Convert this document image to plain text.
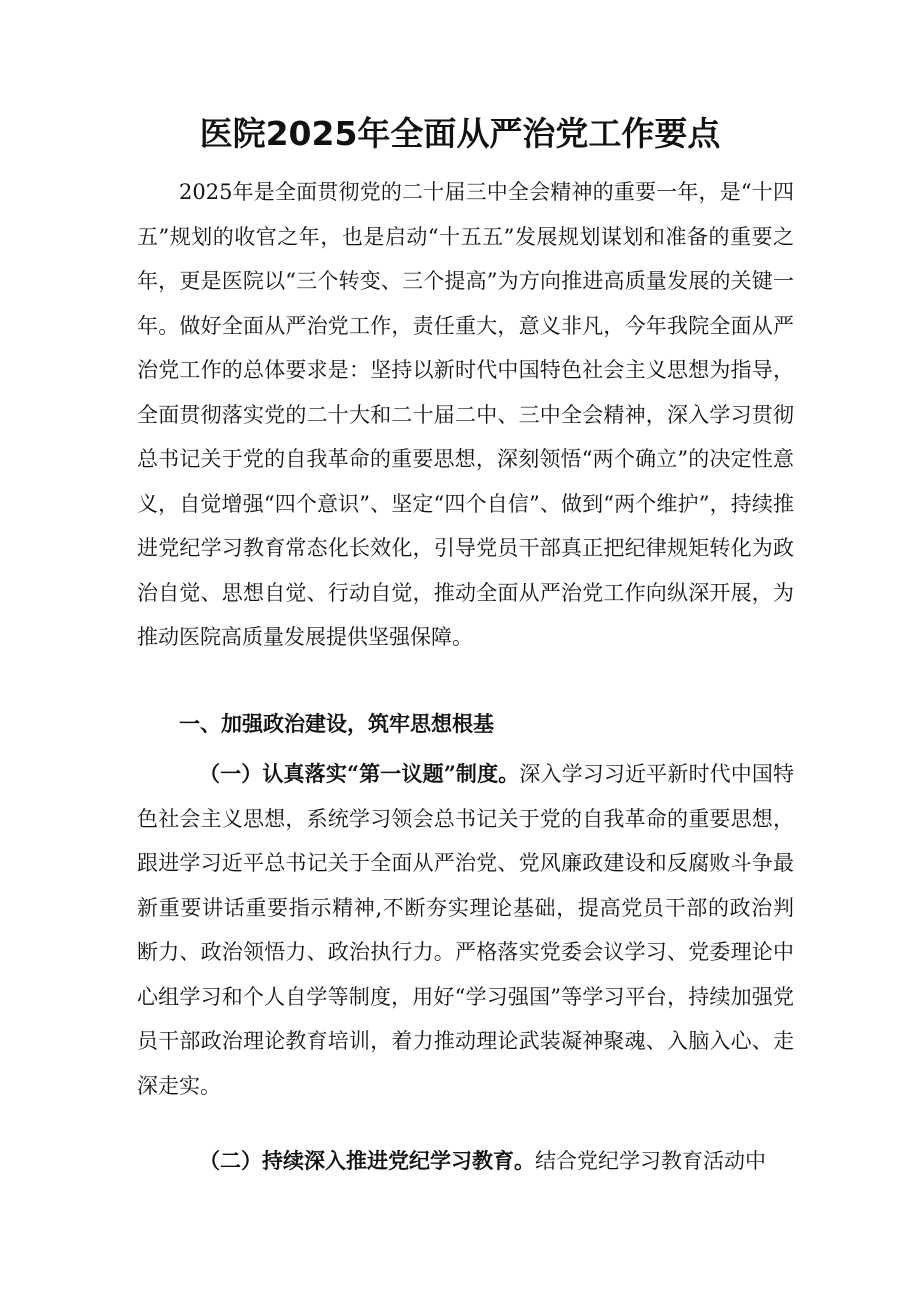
医院2025年全面从严治党工作要点
2025年是全面贯彻党的二十届三中全会精神的重要一年，是“十四五”规划的收官之年，也是启动“十五五”发展规划谋划和准备的重要之年，更是医院以“三个转变、三个提高”为方向推进高质量发展的关键一年。做好全面从严治党工作，责任重大，意义非凡，今年我院全面从严治党工作的总体要求是：坚持以新时代中国特色社会主义思想为指导，全面贯彻落实党的二十大和二十届二中、三中全会精神，深入学习贯彻总书记关于党的自我革命的重要思想，深刻领悟“两个确立”的决定性意义，自觉增强“四个意识”、坚定“四个自信”、做到“两个维护”，持续推进党纪学习教育常态化长效化，引导党员干部真正把纪律规矩转化为政治自觉、思想自觉、行动自觉，推动全面从严治党工作向纵深开展，为推动医院高质量发展提供坚强保障。
一、加强政治建设，筑牢思想根基
（一）认真落实“第一议题”制度。深入学习习近平新时代中国特色社会主义思想，系统学习领会总书记关于党的自我革命的重要思想，跟进学习近平总书记关于全面从严治党、党风廉政建设和反腐败斗争最新重要讲话重要指示精神,不断夯实理论基础，提高党员干部的政治判断力、政治领悟力、政治执行力。严格落实党委会议学习、党委理论中心组学习和个人自学等制度，用好“学习强国”等学习平台，持续加强党员干部政治理论教育培训，着力推动理论武装凝神聚魂、入脑入心、走深走实。
（二）持续深入推进党纪学习教育。结合党纪学习教育活动中
